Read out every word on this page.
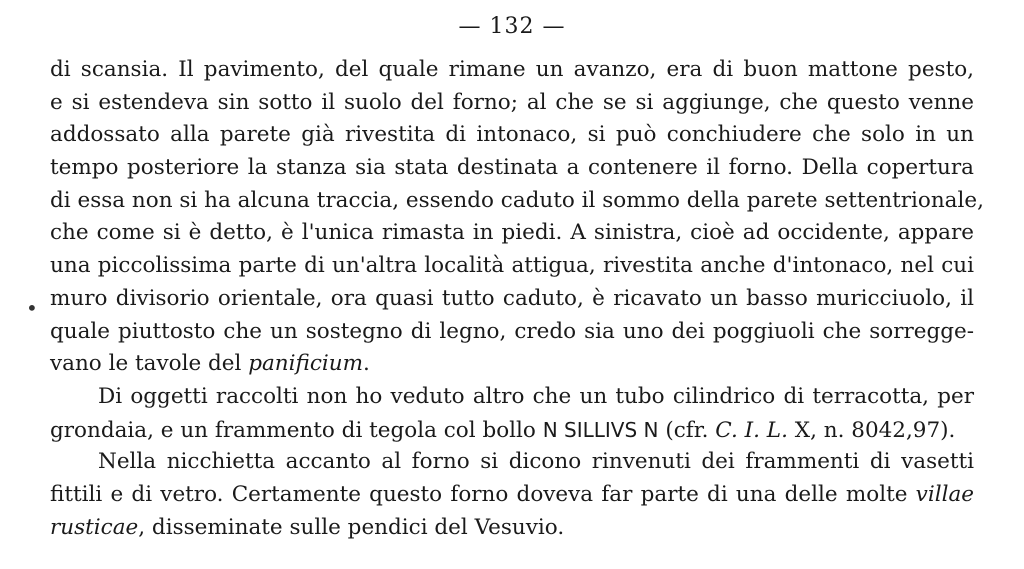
— 132 —
•
di scansia. Il pavimento, del quale rimane un avanzo, era di buon mattone pesto,
e si estendeva sin sotto il suolo del forno; al che se si aggiunge, che questo venne
addossato alla parete già rivestita di intonaco, si può conchiudere che solo in un
tempo posteriore la stanza sia stata destinata a contenere il forno. Della copertura
di essa non si ha alcuna traccia, essendo caduto il sommo della parete settentrionale,
che come si è detto, è l'unica rimasta in piedi. A sinistra, cioè ad occidente, appare
una piccolissima parte di un'altra località attigua, rivestita anche d'intonaco, nel cui
muro divisorio orientale, ora quasi tutto caduto, è ricavato un basso muricciuolo, il
quale piuttosto che un sostegno di legno, credo sia uno dei poggiuoli che sorregge-
vano le tavole del panificium.
Di oggetti raccolti non ho veduto altro che un tubo cilindrico di terracotta, per
grondaia, e un frammento di tegola col bollo N SILLIVS N (cfr. C. I. L. X, n. 8042,97).
Nella nicchietta accanto al forno si dicono rinvenuti dei frammenti di vasetti
fittili e di vetro. Certamente questo forno doveva far parte di una delle molte villae
rusticae, disseminate sulle pendici del Vesuvio.
